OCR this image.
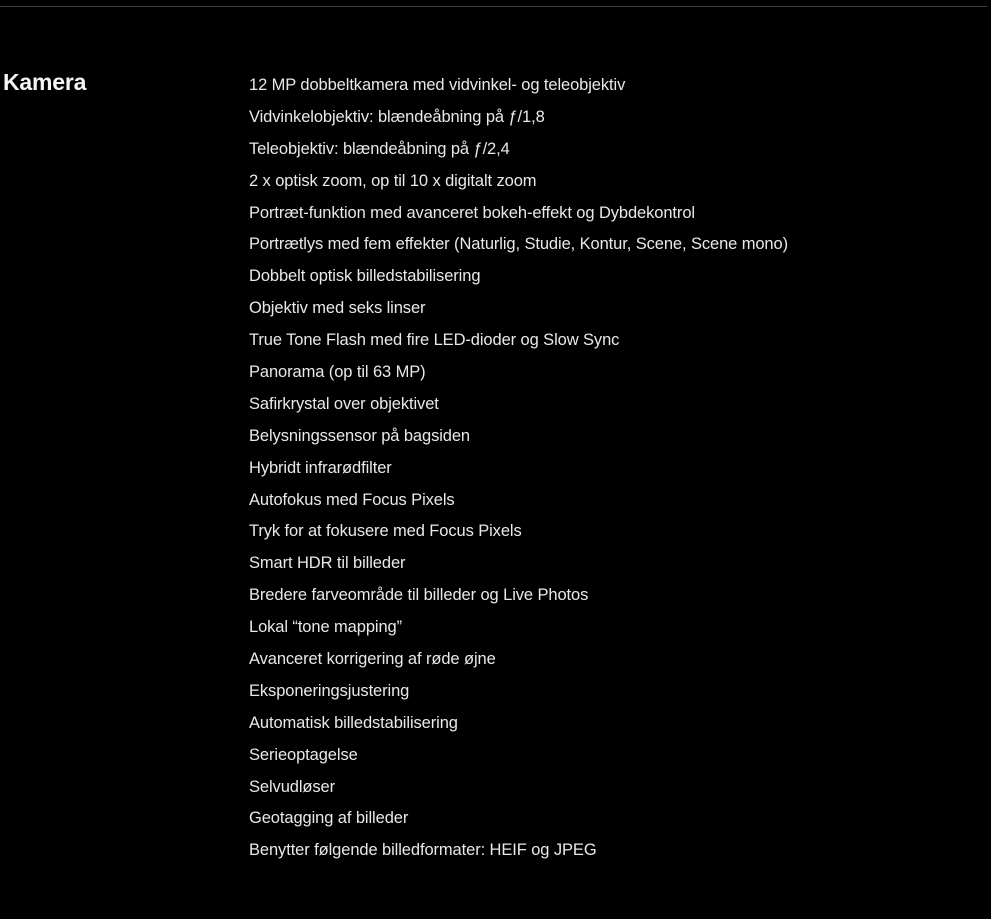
Kamera	12 MP dobbeltkamera med vidvinkel- og teleobjektiv
Vidvinkelobjektiv: blændeåbning på ƒ/1,8
Teleobjektiv: blændeåbning på ƒ/2,4
2 x optisk zoom, op til 10 x digitalt zoom
Portræt-funktion med avanceret bokeh-effekt og Dybdekontrol
Portrætlys med fem effekter (Naturlig, Studie, Kontur, Scene, Scene mono)
Dobbelt optisk billedstabilisering
Objektiv med seks linser
True Tone Flash med fire LED-dioder og Slow Sync
Panorama (op til 63 MP)
Safirkrystal over objektivet
Belysningssensor på bagsiden
Hybridt infrarødfilter
Autofokus med Focus Pixels
Tryk for at fokusere med Focus Pixels
Smart HDR til billeder
Bredere farveområde til billeder og Live Photos
Lokal “tone mapping”
Avanceret korrigering af røde øjne
Eksponeringsjustering
Automatisk billedstabilisering
Serieoptagelse
Selvudløser
Geotagging af billeder
Benytter følgende billedformater: HEIF og JPEG
